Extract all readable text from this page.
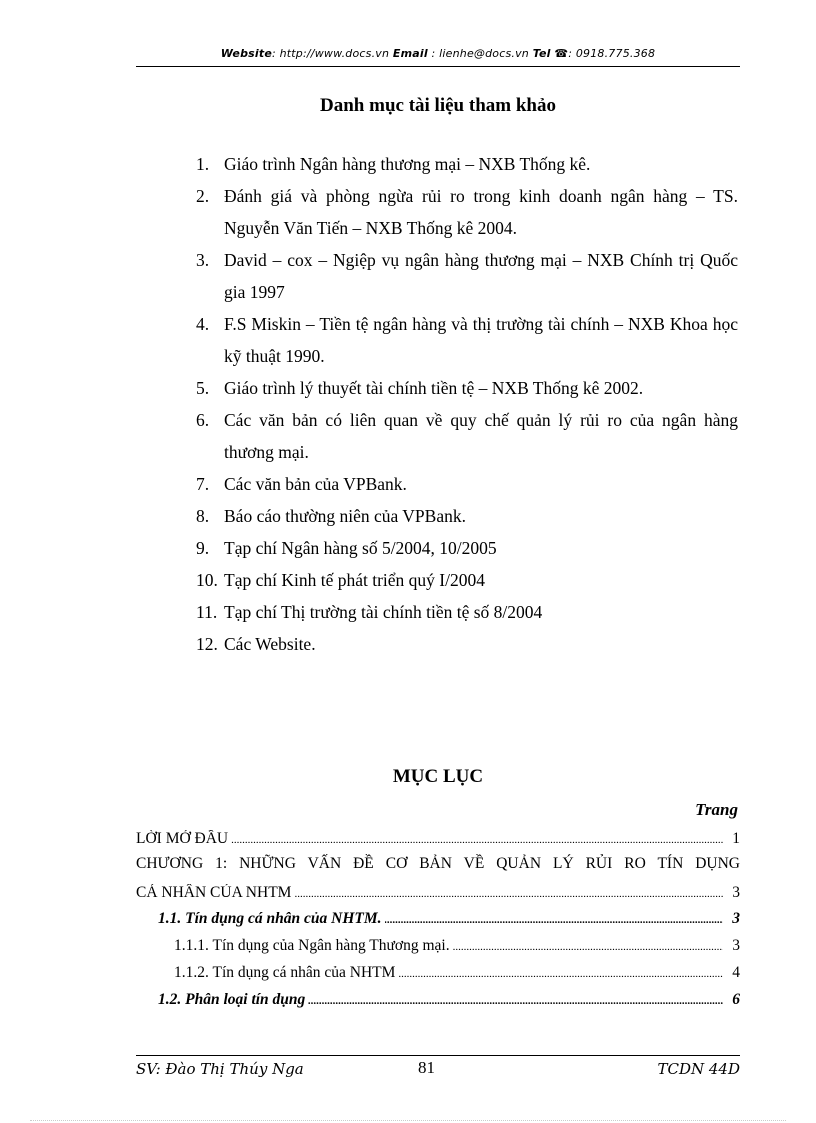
Website: http://www.docs.vn Email : lienhe@docs.vn Tel ☎: 0918.775.368
Danh mục tài liệu tham khảo
1. Giáo trình Ngân hàng thương mại – NXB Thống kê.
2. Đánh giá và phòng ngừa rủi ro trong kinh doanh ngân hàng – TS. Nguyễn Văn Tiến – NXB Thống kê 2004.
3. David – cox – Ngiệp vụ ngân hàng thương mại – NXB Chính trị Quốc gia 1997
4. F.S Miskin – Tiền tệ ngân hàng và thị trường tài chính – NXB Khoa học kỹ thuật 1990.
5. Giáo trình lý thuyết tài chính tiền tệ – NXB Thống kê 2002.
6. Các văn bản có liên quan về quy chế quản lý rủi ro của ngân hàng thương mại.
7. Các văn bản của VPBank.
8. Báo cáo thường niên của VPBank.
9. Tạp chí Ngân hàng số 5/2004, 10/2005
10. Tạp chí Kinh tế phát triển quý I/2004
11. Tạp chí Thị trường tài chính tiền tệ số 8/2004
12. Các Website.
MỤC LỤC
Trang
LỜI MỞ ĐẦU .....	1
CHƯƠNG 1: NHỮNG VẤN ĐỀ CƠ BẢN VỀ QUẢN LÝ RỦI RO TÍN DỤNG
CÁ NHÂN CỦA NHTM .....	3
1.1. Tín dụng cá nhân của NHTM. .....	3
1.1.1. Tín dụng của Ngân hàng Thương mại. .....	3
1.1.2. Tín dụng cá nhân của NHTM .....	4
1.2. Phân loại tín dụng .....	6
SV: Đào Thị Thúy Nga	81	TCDN 44D
